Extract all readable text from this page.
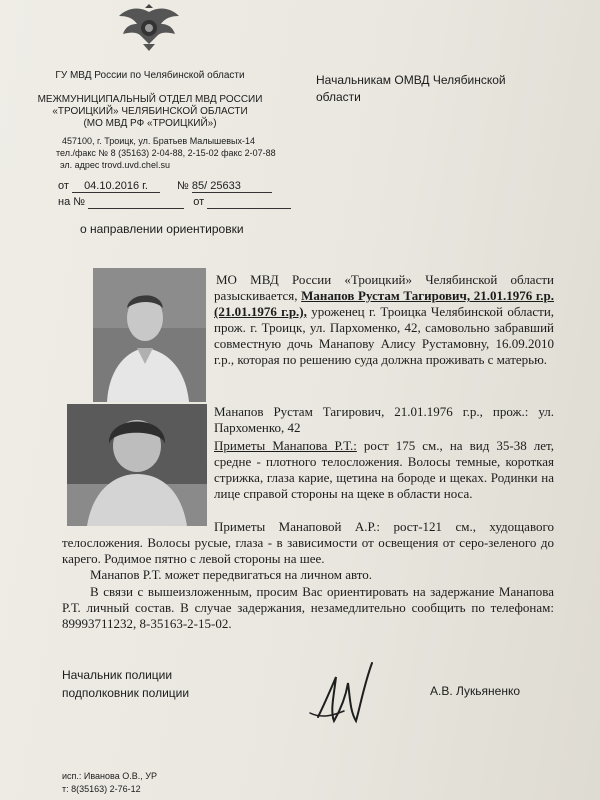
ГУ МВД России по Челябинской области
МЕЖМУНИЦИПАЛЬНЫЙ ОТДЕЛ МВД РОССИИ
«ТРОИЦКИЙ» ЧЕЛЯБИНСКОЙ ОБЛАСТИ
(МО МВД РФ «ТРОИЦКИЙ»)
457100, г. Троицк, ул. Братьев Малышевых-14
тел./факс № 8 (35163) 2-04-88, 2-15-02 факс 2-07-88
эл. адрес trovd.uvd.chel.su
от 04.10.2016 г.	№ 85/ 25633
на №	от
о направлении ориентировки
Начальникам ОМВД Челябинской
области
МО МВД России «Троицкий» Челябинской области разыскивается, Манапов Рустам Тагирович, 21.01.1976 г.р. (21.01.1976 г.р.), уроженец г. Троицка Челябинской области, прож. г. Троицк, ул. Пархоменко, 42, самовольно забравший совместную дочь Манапову Алису Рустамовну, 16.09.2010 г.р., которая по решению суда должна проживать с матерью.
Манапов Рустам Тагирович, 21.01.1976 г.р., прож.: ул. Пархоменко, 42
Приметы Манапова Р.Т.: рост 175 см., на вид 35-38 лет, средне - плотного телосложения. Волосы темные, короткая стрижка, глаза карие, щетина на бороде и щеках. Родинки на лице справой стороны на щеке в области носа.
Приметы Манаповой А.Р.: рост-121 см., худощавого телосложения. Волосы русые, глаза - в зависимости от освещения от серо-зеленого до карего. Родимое пятно с левой стороны на шее.
Манапов Р.Т. может передвигаться на личном авто.
В связи с вышеизложенным, просим Вас ориентировать на задержание Манапова Р.Т. личный состав. В случае задержания, незамедлительно сообщить по телефонам: 89993711232, 8-35163-2-15-02.
Начальник полиции
подполковник полиции	А.В. Лукьяненко
исп.: Иванова О.В., УР
т: 8(35163) 2-76-12
